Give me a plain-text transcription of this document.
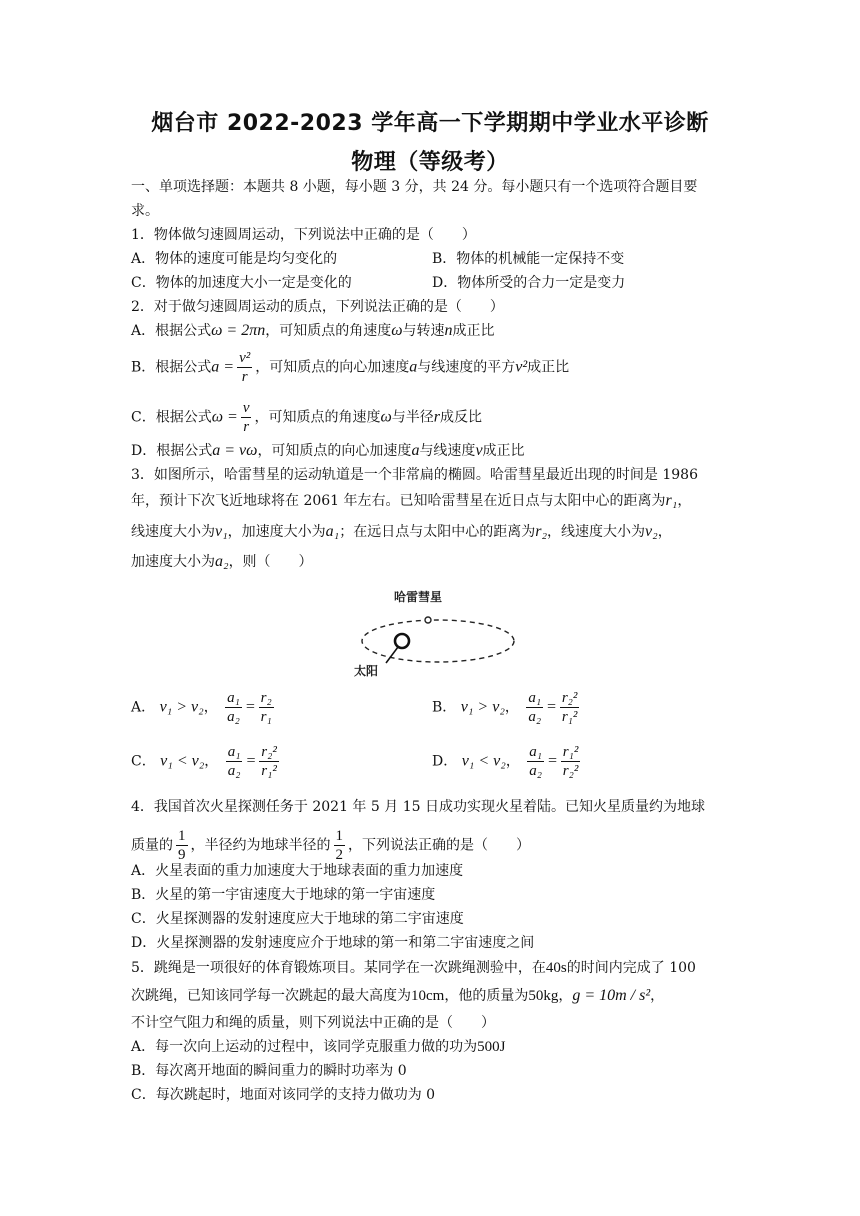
烟台市 2022-2023 学年高一下学期期中学业水平诊断
物理（等级考）
一、单项选择题：本题共 8 小题，每小题 3 分，共 24 分。每小题只有一个选项符合题目要
求。
1．物体做匀速圆周运动，下列说法中正确的是（　　）
A．物体的速度可能是均匀变化的	B．物体的机械能一定保持不变
C．物体的加速度大小一定是变化的	D．物体所受的合力一定是变力
2．对于做匀速圆周运动的质点，下列说法正确的是（　　）
A．根据公式ω = 2πn，可知质点的角速度ω与转速n成正比
B．根据公式$a = \frac{\text{v²}}{r}$ ，可知质点的向心加速度a与线速度的平方v²成正比
C．根据公式$\omega = \frac{v}{r}$ ，可知质点的角速度ω与半径r成反比
D．根据公式a = vω，可知质点的向心加速度a与线速度v成正比
3．如图所示，哈雷彗星的运动轨道是一个非常扁的椭圆。哈雷彗星最近出现的时间是 1986
年，预计下次飞近地球将在 2061 年左右。已知哈雷彗星在近日点与太阳中心的距离为r₁，
线速度大小为v₁，加速度大小为a₁；在远日点与太阳中心的距离为r₂，线速度大小为v₂，
加速度大小为a₂，则（　　）
哈雷彗星
太阳
A． v₁ > v₂， $\frac{\text{a₁}}{\text{a₂}} = \frac{\text{r₂}}{\text{r₁}}$	B． v₁ > v₂， $\frac{\text{a₁}}{\text{a₂}} = \frac{\text{r₂²}}{\text{r₁²}}$
C． v₁ < v₂， $\frac{\text{a₁}}{\text{a₂}} = \frac{\text{r₂²}}{\text{r₁²}}$	D． v₁ < v₂， $\frac{\text{a₁}}{\text{a₂}} = \frac{\text{r₁²}}{\text{r₂²}}$
4．我国首次火星探测任务于 2021 年 5 月 15 日成功实现火星着陆。已知火星质量约为地球
质量的 $\frac{1}{9}$ ，半径约为地球半径的 $\frac{1}{2}$ ，下列说法正确的是（　　）
A．火星表面的重力加速度大于地球表面的重力加速度
B．火星的第一宇宙速度大于地球的第一宇宙速度
C．火星探测器的发射速度应大于地球的第二宇宙速度
D．火星探测器的发射速度应介于地球的第一和第二宇宙速度之间
5．跳绳是一项很好的体育锻炼项目。某同学在一次跳绳测验中，在40s的时间内完成了 100
次跳绳，已知该同学每一次跳起的最大高度为10cm，他的质量为50kg，g = 10m / s²，
不计空气阻力和绳的质量，则下列说法中正确的是（　　）
A．每一次向上运动的过程中，该同学克服重力做的功为500J
B．每次离开地面的瞬间重力的瞬时功率为 0
C．每次跳起时，地面对该同学的支持力做功为 0
